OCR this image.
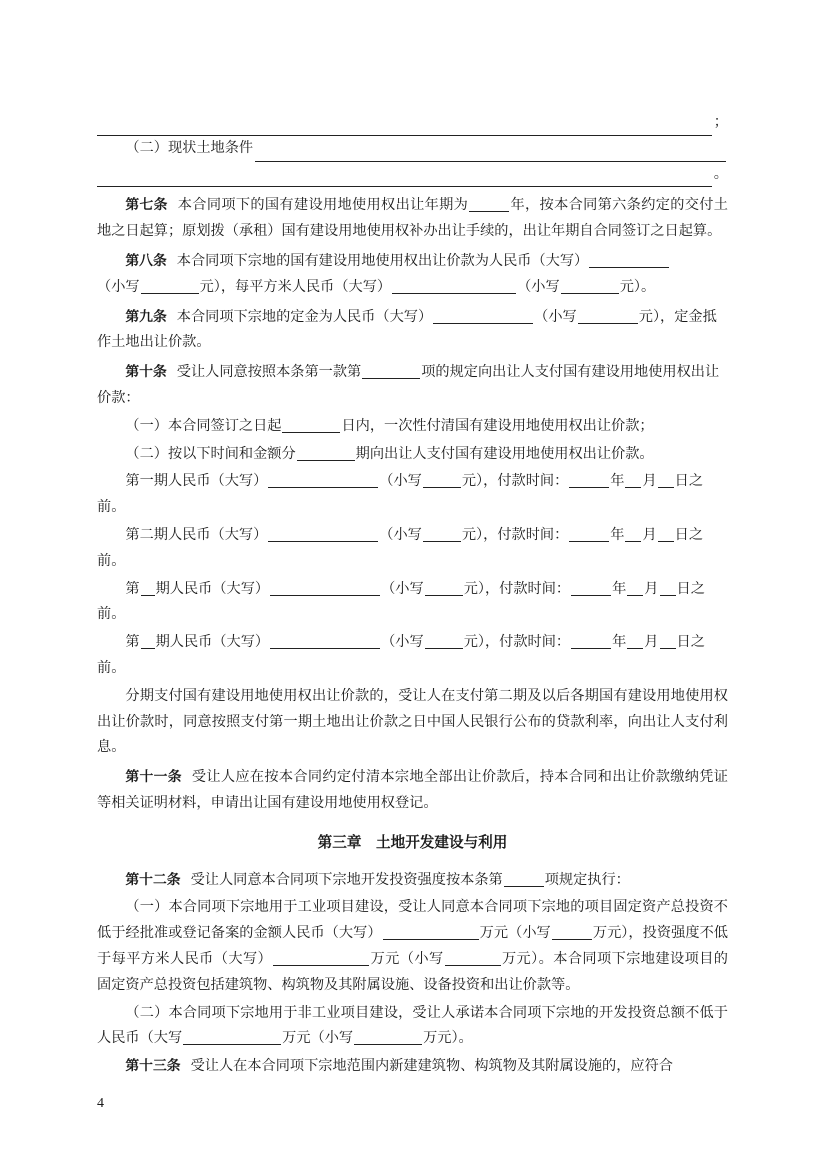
；
（二）现状土地条件
。

第七条 本合同项下的国有建设用地使用权出让年期为	年，按本合同第六条约定的交付土地之日起算；原划拨（承租）国有建设用地使用权补办出让手续的，出让年期自合同签订之日起算。

第八条 本合同项下宗地的国有建设用地使用权出让价款为人民币（大写）
（小写	元），每平方米人民币（大写）	（小写	元）。

第九条 本合同项下宗地的定金为人民币（大写）	（小写	元），定金抵作土地出让价款。

第十条 受让人同意按照本条第一款第	项的规定向出让人支付国有建设用地使用权出让价款：

（一）本合同签订之日起	日内，一次性付清国有建设用地使用权出让价款；

（二）按以下时间和金额分	期向出让人支付国有建设用地使用权出让价款。

第一期人民币（大写）	（小写	元），付款时间：	年 月 日之前。

第二期人民币（大写）	（小写	元），付款时间：	年 月 日之前。

第 期人民币（大写）	（小写	元），付款时间：	年 月 日之前。

第 期人民币（大写）	（小写	元），付款时间：	年 月 日之前。

分期支付国有建设用地使用权出让价款的，受让人在支付第二期及以后各期国有建设用地使用权出让价款时，同意按照支付第一期土地出让价款之日中国人民银行公布的贷款利率，向出让人支付利息。

第十一条 受让人应在按本合同约定付清本宗地全部出让价款后，持本合同和出让价款缴纳凭证等相关证明材料，申请出让国有建设用地使用权登记。

第三章　土地开发建设与利用

第十二条 受让人同意本合同项下宗地开发投资强度按本条第	项规定执行：

（一）本合同项下宗地用于工业项目建设，受让人同意本合同项下宗地的项目固定资产总投资不低于经批准或登记备案的金额人民币（大写）	万元（小写	万元），投资强度不低于每平方米人民币（大写）	万元（小写	万元）。本合同项下宗地建设项目的固定资产总投资包括建筑物、构筑物及其附属设施、设备投资和出让价款等。

（二）本合同项下宗地用于非工业项目建设，受让人承诺本合同项下宗地的开发投资总额不低于人民币（大写	万元（小写	万元）。

第十三条 受让人在本合同项下宗地范围内新建建筑物、构筑物及其附属设施的，应符合

4
